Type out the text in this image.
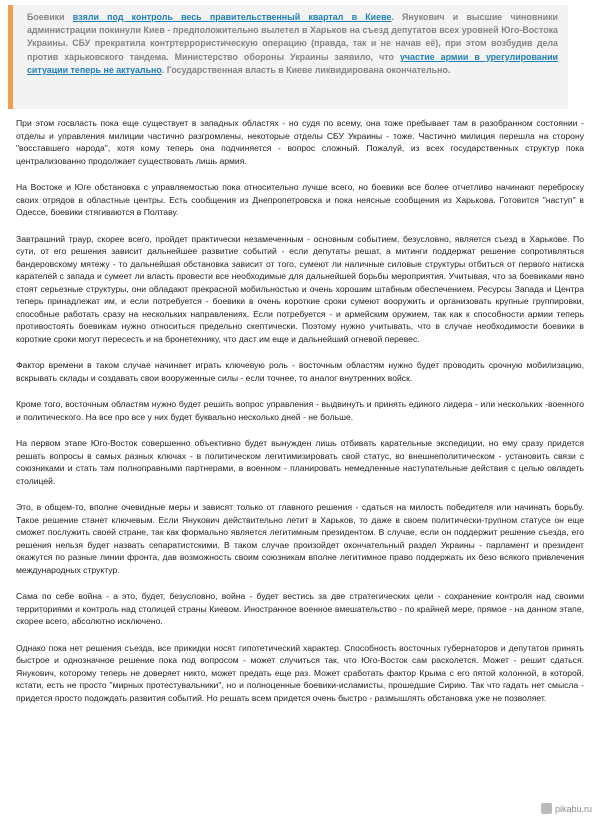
Боевики взяли под контроль весь правительственный квартал в Киеве. Янукович и высшие чиновники администрации покинули Киев - предположительно вылетел в Харьков на съезд депутатов всех уровней Юго-Востока Украины. СБУ прекратила контртеррористическую операцию (правда, так и не начав её), при этом возбудив дела против харьковского тандема. Министерство обороны Украины заявило, что участие армии в урегулировании ситуации теперь не актуально. Государственная власть в Киеве ликвидирована окончательно.

При этом госвласть пока еще существует в западных областях - но судя по всему, она тоже пребывает там в разобранном состоянии - отделы и управления милиции частично разгромлены, некоторые отделы СБУ Украины - тоже. Частично милиция перешла на сторону "восставшего народа", хотя кому теперь она подчиняется - вопрос сложный. Пожалуй, из всех государственных структур пока централизованно продолжает существовать лишь армия.

На Востоке и Юге обстановка с управляемостью пока относительно лучше всего, но боевики все более отчетливо начинают переброску своих отрядов в областные центры. Есть сообщения из Днепропетровска и пока неясные сообщения из Харькова. Готовится "наступ" в Одессе, боевики стягиваются в Полтаву.

Завтрашний траур, скорее всего, пройдет практически незамеченным - основным событием, безусловно, является съезд в Харькове. По сути, от его решения зависит дальнейшее развитие событий - если депутаты решат, а митинги поддержат решение сопротивляться бандеровскому мятежу - то дальнейшая обстановка зависит от того, сумеют ли наличные силовые структуры отбиться от первого натиска карателей с запада и сумеет ли власть провести все необходимые для дальнейшей борьбы мероприятия. Учитывая, что за боевиками явно стоят серьезные структуры, они обладают прекрасной мобильностью и очень хорошим штабным обеспечением. Ресурсы Запада и Центра теперь принадлежат им, и если потребуется - боевики в очень короткие сроки сумеют вооружить и организовать крупные группировки, способные работать сразу на нескольких направлениях. Если потребуется - и армейским оружием, так как к способности армии теперь противостоять боевикам нужно относиться предельно скептически. Поэтому нужно учитывать, что в случае необходимости боевики в короткие сроки могут пересесть и на бронетехнику, что даст им еще и дальнейший огневой перевес.

Фактор времени в таком случае начинает играть ключевую роль - восточным областям нужно будет проводить срочную мобилизацию, вскрывать склады и создавать свои вооруженные силы - если точнее, то аналог внутренних войск.

Кроме того, восточным областям нужно будет решить вопрос управления - выдвинуть и принять единого лидера - или нескольких -военного и политического. На все про все у них будет буквально несколько дней - не больше.

На первом этапе Юго-Восток совершенно объективно будет вынужден лишь отбивать карательные экспедиции, но ему сразу придется решать вопросы в самых разных ключах - в политическом легитимизировать свой статус, во внешнеполитическом - установить связи с союзниками и стать там полноправными партнерами, в военном - планировать немедленные наступательные действия с целью овладеть столицей.

Это, в общем-то, вполне очевидные меры и зависят только от главного решения - сдаться на милость победителя или начинать борьбу. Такое решение станет ключевым. Если Янукович действительно летит в Харьков, то даже в своем политически-трупном статусе он еще сможет послужить своей стране, так как формально является легитимным президентом. В случае, если он поддержит решение съезда, его решения нельзя будет назвать сепаратистскими. В таком случае произойдет окончательный раздел Украины - парламент и президент окажутся по разные линии фронта, дав возможность своим союзникам вполне легитимное право поддержать их безо всякого привлечения международных структур.

Сама по себе война - а это, будет, безусловно, война - будет вестись за две стратегических цели - сохранение контроля над своими территориями и контроль над столицей страны Киевом. Иностранное военное вмешательство - по крайней мере, прямое - на данном этапе, скорее всего, абсолютно исключено.

Однако пока нет решения съезда, все прикидки носят гипотетический характер. Способность восточных губернаторов и депутатов принять быстрое и однозначное решение пока под вопросом - может случиться так, что Юго-Восток сам расколется. Может - решит сдаться. Янукович, которому теперь не доверяет никто, может предать еще раз. Может сработать фактор Крыма с его пятой колонной, в которой, кстати, есть не просто "мирных протестувальники", но и полноценные боевики-исламисты, прошедшие Сирию. Так что гадать нет смысла - придется просто подождать развития событий. Но решать всем придется очень быстро - размышлять обстановка уже не позволяет.

pikabu.ru
